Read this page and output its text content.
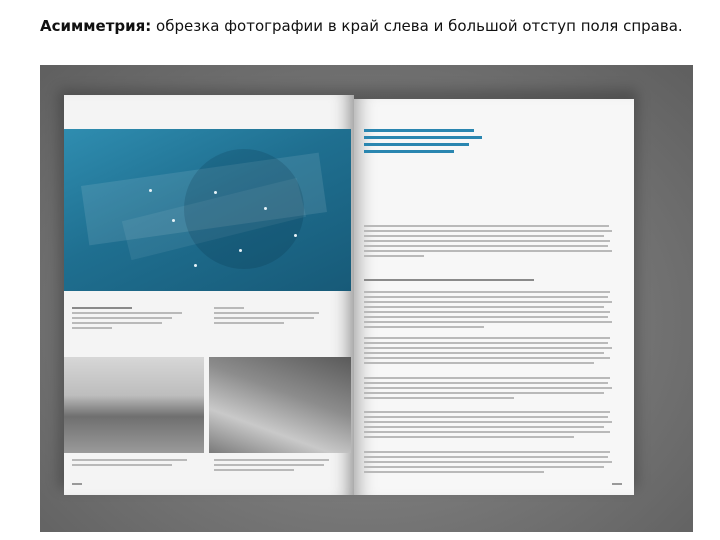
Асимметрия: обрезка фотографии в край слева и большой отступ поля справа.
